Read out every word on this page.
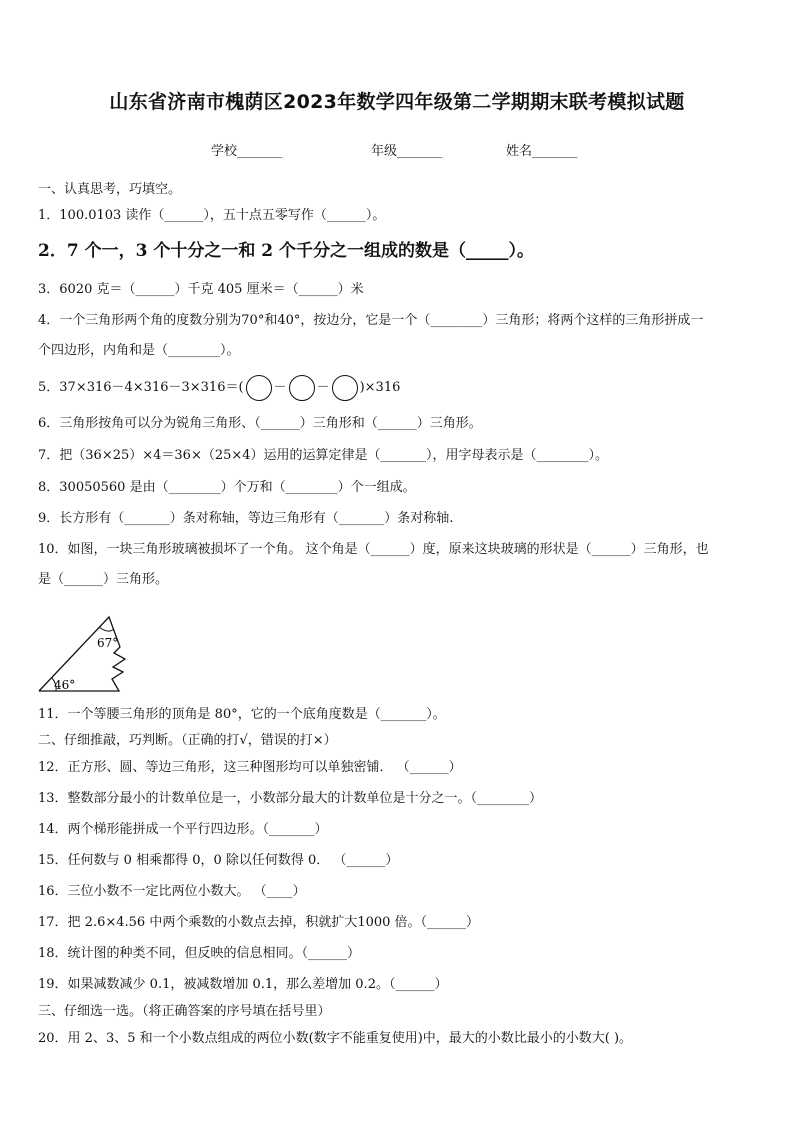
山东省济南市槐荫区2023年数学四年级第二学期期末联考模拟试题
学校_______	年级_______	姓名_______
一、认真思考，巧填空。
1．100.0103 读作（______），五十点五零写作（______）。
2．7 个一，3 个十分之一和 2 个千分之一组成的数是（_____）。
3．6020 克＝（______）千克 405 厘米＝（______）米
4．一个三角形两个角的度数分别为70°和40°，按边分，它是一个（________）三角形；将两个这样的三角形拼成一
个四边形，内角和是（________）。
5．37×316－4×316－3×316＝( － － )×316
6．三角形按角可以分为锐角三角形、（______）三角形和（______）三角形。
7．把（36×25）×4＝36×（25×4）运用的运算定律是（_______），用字母表示是（________）。
8．30050560 是由（________）个万和（________）个一组成。
9．长方形有（_______）条对称轴，等边三角形有（_______）条对称轴.
10．如图，一块三角形玻璃被损坏了一个角。 这个角是（______）度，原来这块玻璃的形状是（______）三角形，也
是（______）三角形。
67°
46°
11．一个等腰三角形的顶角是 80°，它的一个底角度数是（_______）。
二、仔细推敲，巧判断。（正确的打√，错误的打×）
12．正方形、圆、等边三角形，这三种图形均可以单独密铺． （______）
13．整数部分最小的计数单位是一，小数部分最大的计数单位是十分之一。（________）
14．两个梯形能拼成一个平行四边形。（_______）
15．任何数与 0 相乘都得 0，0 除以任何数得 0． （______）
16．三位小数不一定比两位小数大。 （____）
17．把 2.6×4.56 中两个乘数的小数点去掉，积就扩大1000 倍。（______）
18．统计图的种类不同，但反映的信息相同。（______）
19．如果减数减少 0.1，被减数增加 0.1，那么差增加 0.2。（______）
三、仔细选一选。（将正确答案的序号填在括号里）
20．用 2、3、5 和一个小数点组成的两位小数(数字不能重复使用)中，最大的小数比最小的小数大( )。
